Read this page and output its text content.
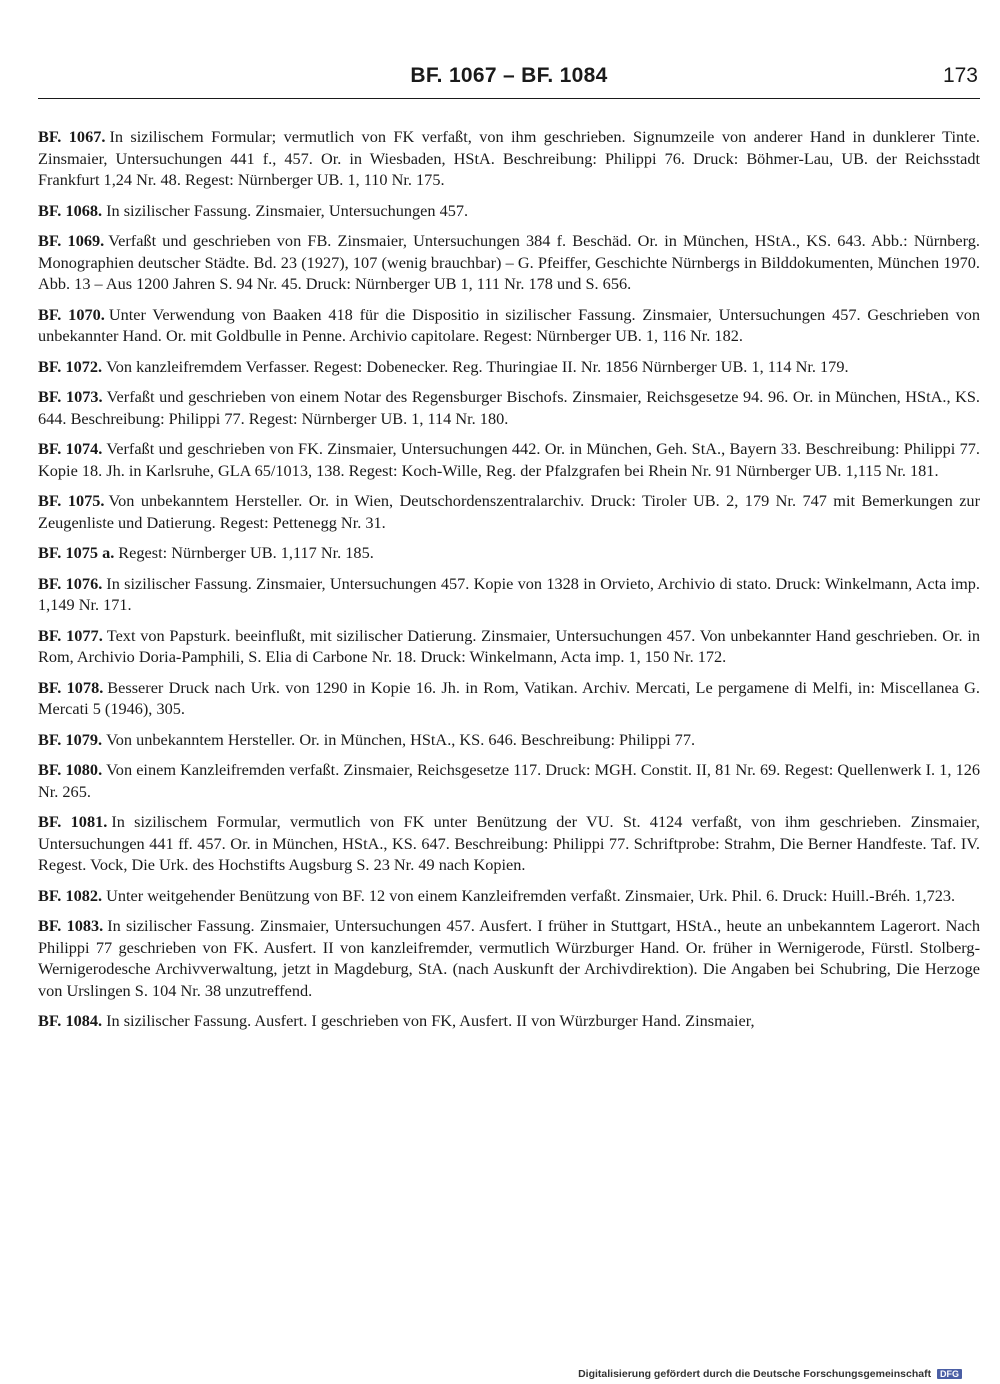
BF. 1067 – BF. 1084	173

BF. 1067. In sizilischem Formular; vermutlich von FK verfaßt, von ihm geschrieben. Signumzeile von anderer Hand in dunklerer Tinte. Zinsmaier, Untersuchungen 441 f., 457. Or. in Wiesbaden, HStA. Beschreibung: Philippi 76. Druck: Böhmer-Lau, UB. der Reichsstadt Frankfurt 1,24 Nr. 48. Regest: Nürnberger UB. 1, 110 Nr. 175.

BF. 1068. In sizilischer Fassung. Zinsmaier, Untersuchungen 457.

BF. 1069. Verfaßt und geschrieben von FB. Zinsmaier, Untersuchungen 384 f. Beschäd. Or. in München, HStA., KS. 643. Abb.: Nürnberg. Monographien deutscher Städte. Bd. 23 (1927), 107 (wenig brauchbar) – G. Pfeiffer, Geschichte Nürnbergs in Bilddokumenten, München 1970. Abb. 13 – Aus 1200 Jahren S. 94 Nr. 45. Druck: Nürnberger UB 1, 111 Nr. 178 und S. 656.

BF. 1070. Unter Verwendung von Baaken 418 für die Dispositio in sizilischer Fassung. Zinsmaier, Untersuchungen 457. Geschrieben von unbekannter Hand. Or. mit Goldbulle in Penne. Archivio capitolare. Regest: Nürnberger UB. 1, 116 Nr. 182.

BF. 1072. Von kanzleifremdem Verfasser. Regest: Dobenecker. Reg. Thuringiae II. Nr. 1856 Nürnberger UB. 1, 114 Nr. 179.

BF. 1073. Verfaßt und geschrieben von einem Notar des Regensburger Bischofs. Zinsmaier, Reichsgesetze 94. 96. Or. in München, HStA., KS. 644. Beschreibung: Philippi 77. Regest: Nürnberger UB. 1, 114 Nr. 180.

BF. 1074. Verfaßt und geschrieben von FK. Zinsmaier, Untersuchungen 442. Or. in München, Geh. StA., Bayern 33. Beschreibung: Philippi 77. Kopie 18. Jh. in Karlsruhe, GLA 65/1013, 138. Regest: Koch-Wille, Reg. der Pfalzgrafen bei Rhein Nr. 91 Nürnberger UB. 1,115 Nr. 181.

BF. 1075. Von unbekanntem Hersteller. Or. in Wien, Deutschordenszentralarchiv. Druck: Tiroler UB. 2, 179 Nr. 747 mit Bemerkungen zur Zeugenliste und Datierung. Regest: Pettenegg Nr. 31.

BF. 1075 a. Regest: Nürnberger UB. 1,117 Nr. 185.

BF. 1076. In sizilischer Fassung. Zinsmaier, Untersuchungen 457. Kopie von 1328 in Orvieto, Archivio di stato. Druck: Winkelmann, Acta imp. 1,149 Nr. 171.

BF. 1077. Text von Papsturk. beeinflußt, mit sizilischer Datierung. Zinsmaier, Untersuchungen 457. Von unbekannter Hand geschrieben. Or. in Rom, Archivio Doria-Pamphili, S. Elia di Carbone Nr. 18. Druck: Winkelmann, Acta imp. 1, 150 Nr. 172.

BF. 1078. Besserer Druck nach Urk. von 1290 in Kopie 16. Jh. in Rom, Vatikan. Archiv. Mercati, Le pergamene di Melfi, in: Miscellanea G. Mercati 5 (1946), 305.

BF. 1079. Von unbekanntem Hersteller. Or. in München, HStA., KS. 646. Beschreibung: Philippi 77.

BF. 1080. Von einem Kanzleifremden verfaßt. Zinsmaier, Reichsgesetze 117. Druck: MGH. Constit. II, 81 Nr. 69. Regest: Quellenwerk I. 1, 126 Nr. 265.

BF. 1081. In sizilischem Formular, vermutlich von FK unter Benützung der VU. St. 4124 verfaßt, von ihm geschrieben. Zinsmaier, Untersuchungen 441 ff. 457. Or. in München, HStA., KS. 647. Beschreibung: Philippi 77. Schriftprobe: Strahm, Die Berner Handfeste. Taf. IV. Regest. Vock, Die Urk. des Hochstifts Augsburg S. 23 Nr. 49 nach Kopien.

BF. 1082. Unter weitgehender Benützung von BF. 12 von einem Kanzleifremden verfaßt. Zinsmaier, Urk. Phil. 6. Druck: Huill.-Bréh. 1,723.

BF. 1083. In sizilischer Fassung. Zinsmaier, Untersuchungen 457. Ausfert. I früher in Stuttgart, HStA., heute an unbekanntem Lagerort. Nach Philippi 77 geschrieben von FK. Ausfert. II von kanzleifremder, vermutlich Würzburger Hand. Or. früher in Wernigerode, Fürstl. Stolberg-Wernigerodesche Archivverwaltung, jetzt in Magdeburg, StA. (nach Auskunft der Archivdirektion). Die Angaben bei Schubring, Die Herzoge von Urslingen S. 104 Nr. 38 unzutreffend.

BF. 1084. In sizilischer Fassung. Ausfert. I geschrieben von FK, Ausfert. II von Würzburger Hand. Zinsmaier,

Digitalisierung gefördert durch die Deutsche Forschungsgemeinschaft DFG
